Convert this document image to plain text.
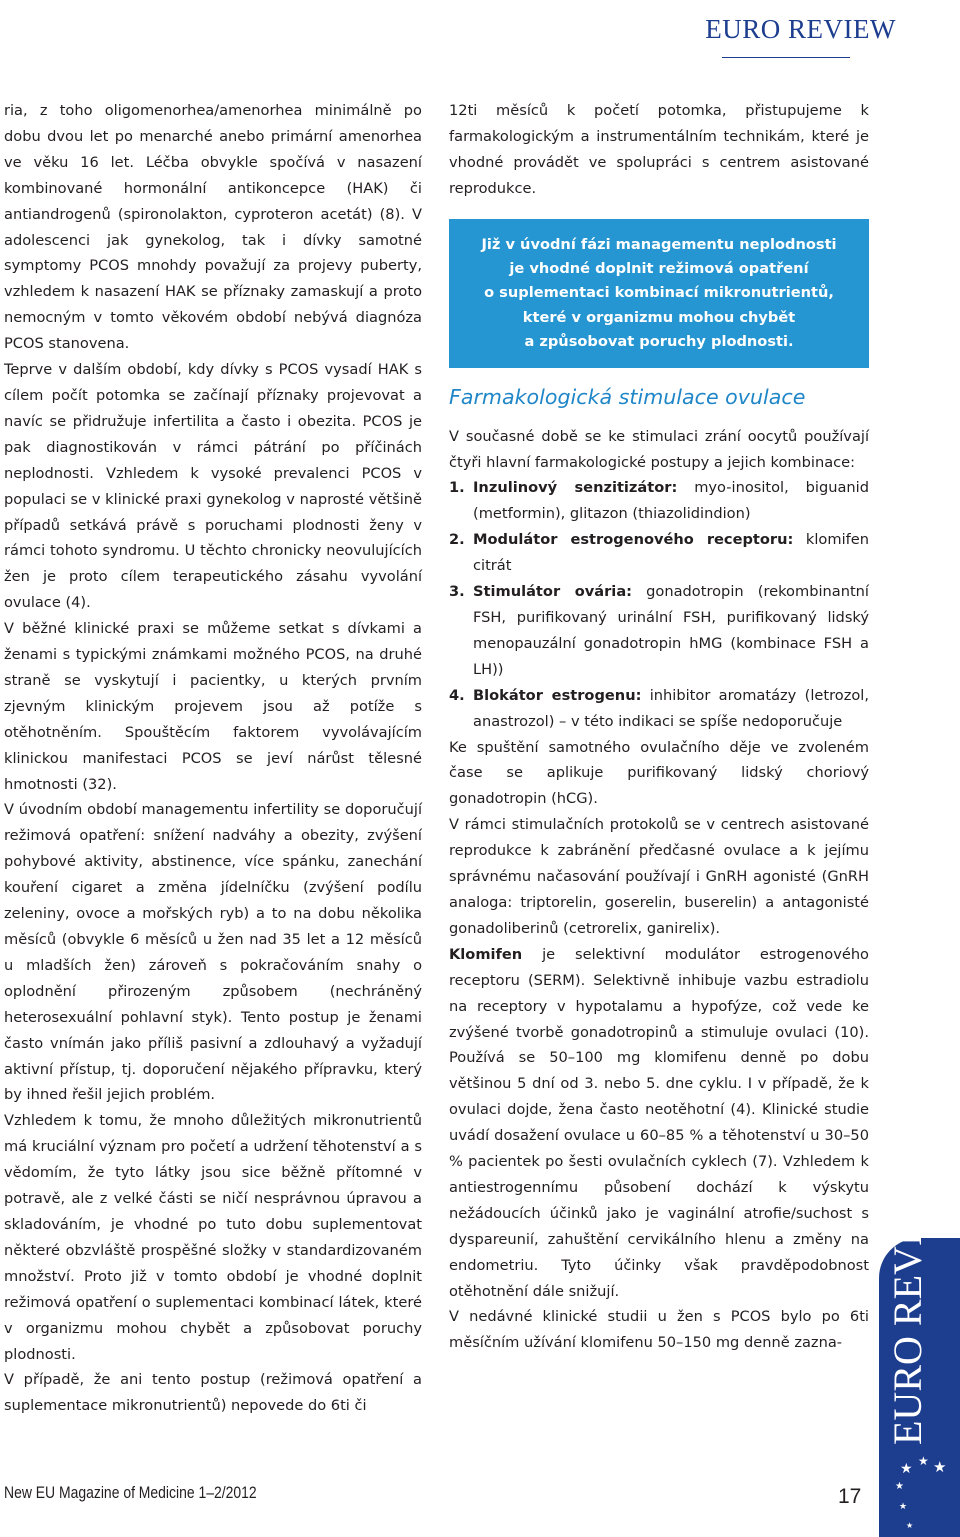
EURO REVIEW

ria, z toho oligomenorhea/amenorhea minimálně po dobu dvou let po menarché anebo primární amenorhea ve věku 16 let. Léčba obvykle spočívá v nasazení kombinované hormonální antikoncepce (HAK) či antiandrogenů (spironolakton, cyproteron acetát) (8). V adolescenci jak gynekolog, tak i dívky samotné symptomy PCOS mnohdy považují za projevy puberty, vzhledem k nasazení HAK se příznaky zamaskují a proto nemocným v tomto věkovém období nebývá diagnóza PCOS stanovena.

Teprve v dalším období, kdy dívky s PCOS vysadí HAK s cílem počít potomka se začínají příznaky projevovat a navíc se přidružuje infertilita a často i obezita. PCOS je pak diagnostikován v rámci pátrání po příčinách neplodnosti. Vzhledem k vysoké prevalenci PCOS v populaci se v klinické praxi gynekolog v naprosté většině případů setkává právě s poruchami plodnosti ženy v rámci tohoto syndromu. U těchto chronicky neovulujících žen je proto cílem terapeutického zásahu vyvolání ovulace (4).

V běžné klinické praxi se můžeme setkat s dívkami a ženami s typickými známkami možného PCOS, na druhé straně se vyskytují i pacientky, u kterých prvním zjevným klinickým projevem jsou až potíže s otěhotněním. Spouštěcím faktorem vyvolávajícím klinickou manifestaci PCOS se jeví nárůst tělesné hmotnosti (32).

V úvodním období managementu infertility se doporučují režimová opatření: snížení nadváhy a obezity, zvýšení pohybové aktivity, abstinence, více spánku, zanechání kouření cigaret a změna jídelníčku (zvýšení podílu zeleniny, ovoce a mořských ryb) a to na dobu několika měsíců (obvykle 6 měsíců u žen nad 35 let a 12 měsíců u mladších žen) zároveň s pokračováním snahy o oplodnění přirozeným způsobem (nechráněný heterosexuální pohlavní styk). Tento postup je ženami často vnímán jako příliš pasivní a zdlouhavý a vyžadují aktivní přístup, tj. doporučení nějakého přípravku, který by ihned řešil jejich problém.

Vzhledem k tomu, že mnoho důležitých mikronutrientů má kruciální význam pro početí a udržení těhotenství a s vědomím, že tyto látky jsou sice běžně přítomné v potravě, ale z velké části se ničí nesprávnou úpravou a skladováním, je vhodné po tuto dobu suplementovat některé obzvláště prospěšné složky v standardizovaném množství. Proto již v tomto období je vhodné doplnit režimová opatření o suplementaci kombinací látek, které v organizmu mohou chybět a způsobovat poruchy plodnosti.

V případě, že ani tento postup (režimová opatření a suplementace mikronutrientů) nepovede do 6ti či

12ti měsíců k početí potomka, přistupujeme k farmakologickým a instrumentálním technikám, které je vhodné provádět ve spolupráci s centrem asistované reprodukce.

Již v úvodní fázi managementu neplodnosti
je vhodné doplnit režimová opatření
o suplementaci kombinací mikronutrientů,
které v organizmu mohou chybět
a způsobovat poruchy plodnosti.
Farmakologická stimulace ovulace

V současné době se ke stimulaci zrání oocytů používají čtyři hlavní farmakologické postupy a jejich kombinace:

1. Inzulinový senzitizátor: myo-inositol, biguanid (metformin), glitazon (thiazolidindion)
2. Modulátor estrogenového receptoru: klomifen citrát
3. Stimulátor ovária: gonadotropin (rekombinantní FSH, purifikovaný urinální FSH, purifikovaný lidský menopauzální gonadotropin hMG (kombinace FSH a LH))
4. Blokátor estrogenu: inhibitor aromatázy (letrozol, anastrozol) – v této indikaci se spíše nedoporučuje

Ke spuštění samotného ovulačního děje ve zvoleném čase se aplikuje purifikovaný lidský choriový gonadotropin (hCG).

V rámci stimulačních protokolů se v centrech asistované reprodukce k zabránění předčasné ovulace a k jejímu správnému načasování používají i GnRH agonisté (GnRH analoga: triptorelin, goserelin, buserelin) a antagonisté gonadoliberinů (cetrorelix, ganirelix).

Klomifen je selektivní modulátor estrogenového receptoru (SERM). Selektivně inhibuje vazbu estradiolu na receptory v hypotalamu a hypofýze, což vede ke zvýšené tvorbě gonadotropinů a stimuluje ovulaci (10). Používá se 50–100 mg klomifenu denně po dobu většinou 5 dní od 3. nebo 5. dne cyklu. I v případě, že k ovulaci dojde, žena často neotěhotní (4). Klinické studie uvádí dosažení ovulace u 60–85 % a těhotenství u 30–50 % pacientek po šesti ovulačních cyklech (7). Vzhledem k antiestrogennímu působení dochází k výskytu nežádoucích účinků jako je vaginální atrofie/suchost s dyspareunií, zahuštění cervikálního hlenu a změny na endometriu. Tyto účinky však pravděpodobnost otěhotnění dále snižují.

V nedávné klinické studii u žen s PCOS bylo po 6ti měsíčním užívání klomifenu 50–150 mg denně zazna-

New EU Magazine of Medicine 1–2/2012	17
EURO REVIEW
★ ★ ★
★
★
★
